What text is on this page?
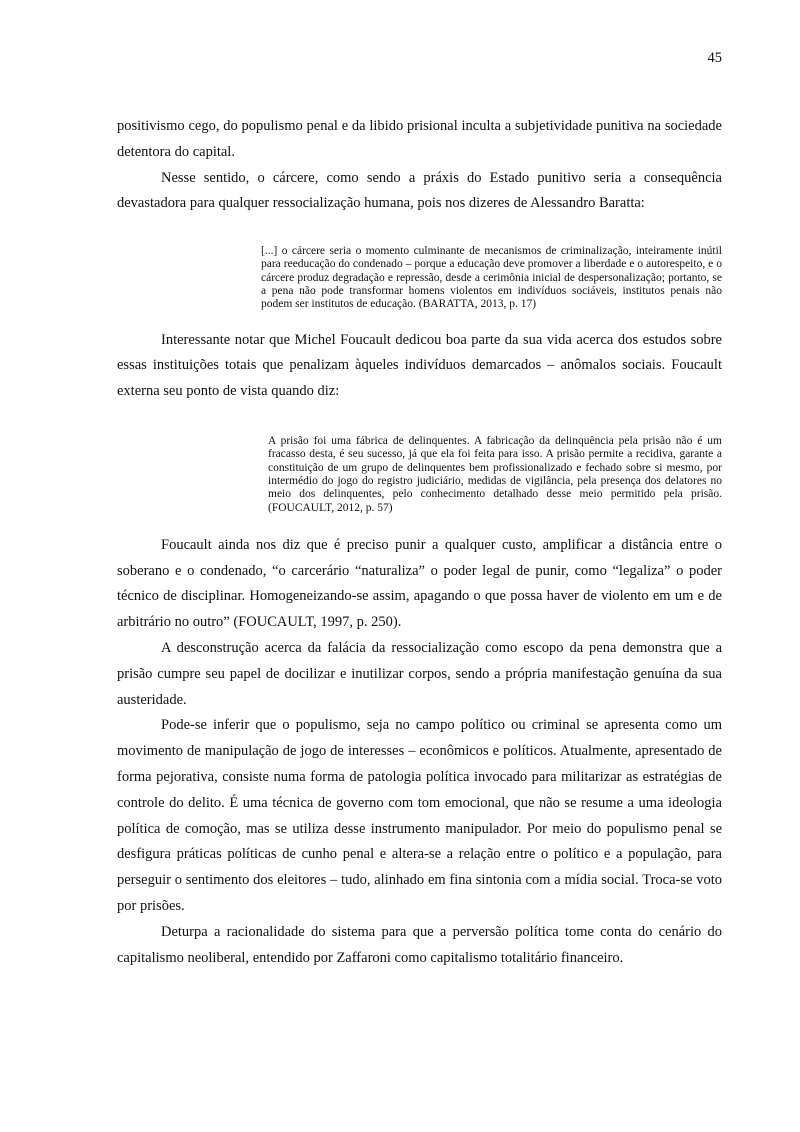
45

positivismo cego, do populismo penal e da libido prisional inculta a subjetividade punitiva na sociedade detentora do capital.

Nesse sentido, o cárcere, como sendo a práxis do Estado punitivo seria a consequência devastadora para qualquer ressocialização humana, pois nos dizeres de Alessandro Baratta:

[...] o cárcere seria o momento culminante de mecanismos de criminalização, inteiramente inútil para reeducação do condenado – porque a educação deve promover a liberdade e o autorespeito, e o cárcere produz degradação e repressão, desde a cerimônia inicial de despersonalização; portanto, se a pena não pode transformar homens violentos em indivíduos sociáveis, institutos penais não podem ser institutos de educação. (BARATTA, 2013, p. 17)

Interessante notar que Michel Foucault dedicou boa parte da sua vida acerca dos estudos sobre essas instituições totais que penalizam àqueles indivíduos demarcados – anômalos sociais. Foucault externa seu ponto de vista quando diz:

A prisão foi uma fábrica de delinquentes. A fabricação da delinquência pela prisão não é um fracasso desta, é seu sucesso, já que ela foi feita para isso. A prisão permite a recidiva, garante a constituição de um grupo de delinquentes bem profissionalizado e fechado sobre si mesmo, por intermédio do jogo do registro judiciário, medidas de vigilância, pela presença dos delatores no meio dos delinquentes, pelo conhecimento detalhado desse meio permitido pela prisão. (FOUCAULT, 2012, p. 57)

Foucault ainda nos diz que é preciso punir a qualquer custo, amplificar a distância entre o soberano e o condenado, “o carcerário “naturaliza” o poder legal de punir, como “legaliza” o poder técnico de disciplinar. Homogeneizando-se assim, apagando o que possa haver de violento em um e de arbitrário no outro” (FOUCAULT, 1997, p. 250).

A desconstrução acerca da falácia da ressocialização como escopo da pena demonstra que a prisão cumpre seu papel de docilizar e inutilizar corpos, sendo a própria manifestação genuína da sua austeridade.

Pode-se inferir que o populismo, seja no campo político ou criminal se apresenta como um movimento de manipulação de jogo de interesses – econômicos e políticos. Atualmente, apresentado de forma pejorativa, consiste numa forma de patologia política invocado para militarizar as estratégias de controle do delito. É uma técnica de governo com tom emocional, que não se resume a uma ideologia política de comoção, mas se utiliza desse instrumento manipulador. Por meio do populismo penal se desfigura práticas políticas de cunho penal e altera-se a relação entre o político e a população, para perseguir o sentimento dos eleitores – tudo, alinhado em fina sintonia com a mídia social. Troca-se voto por prisões.

Deturpa a racionalidade do sistema para que a perversão política tome conta do cenário do capitalismo neoliberal, entendido por Zaffaroni como capitalismo totalitário financeiro.
